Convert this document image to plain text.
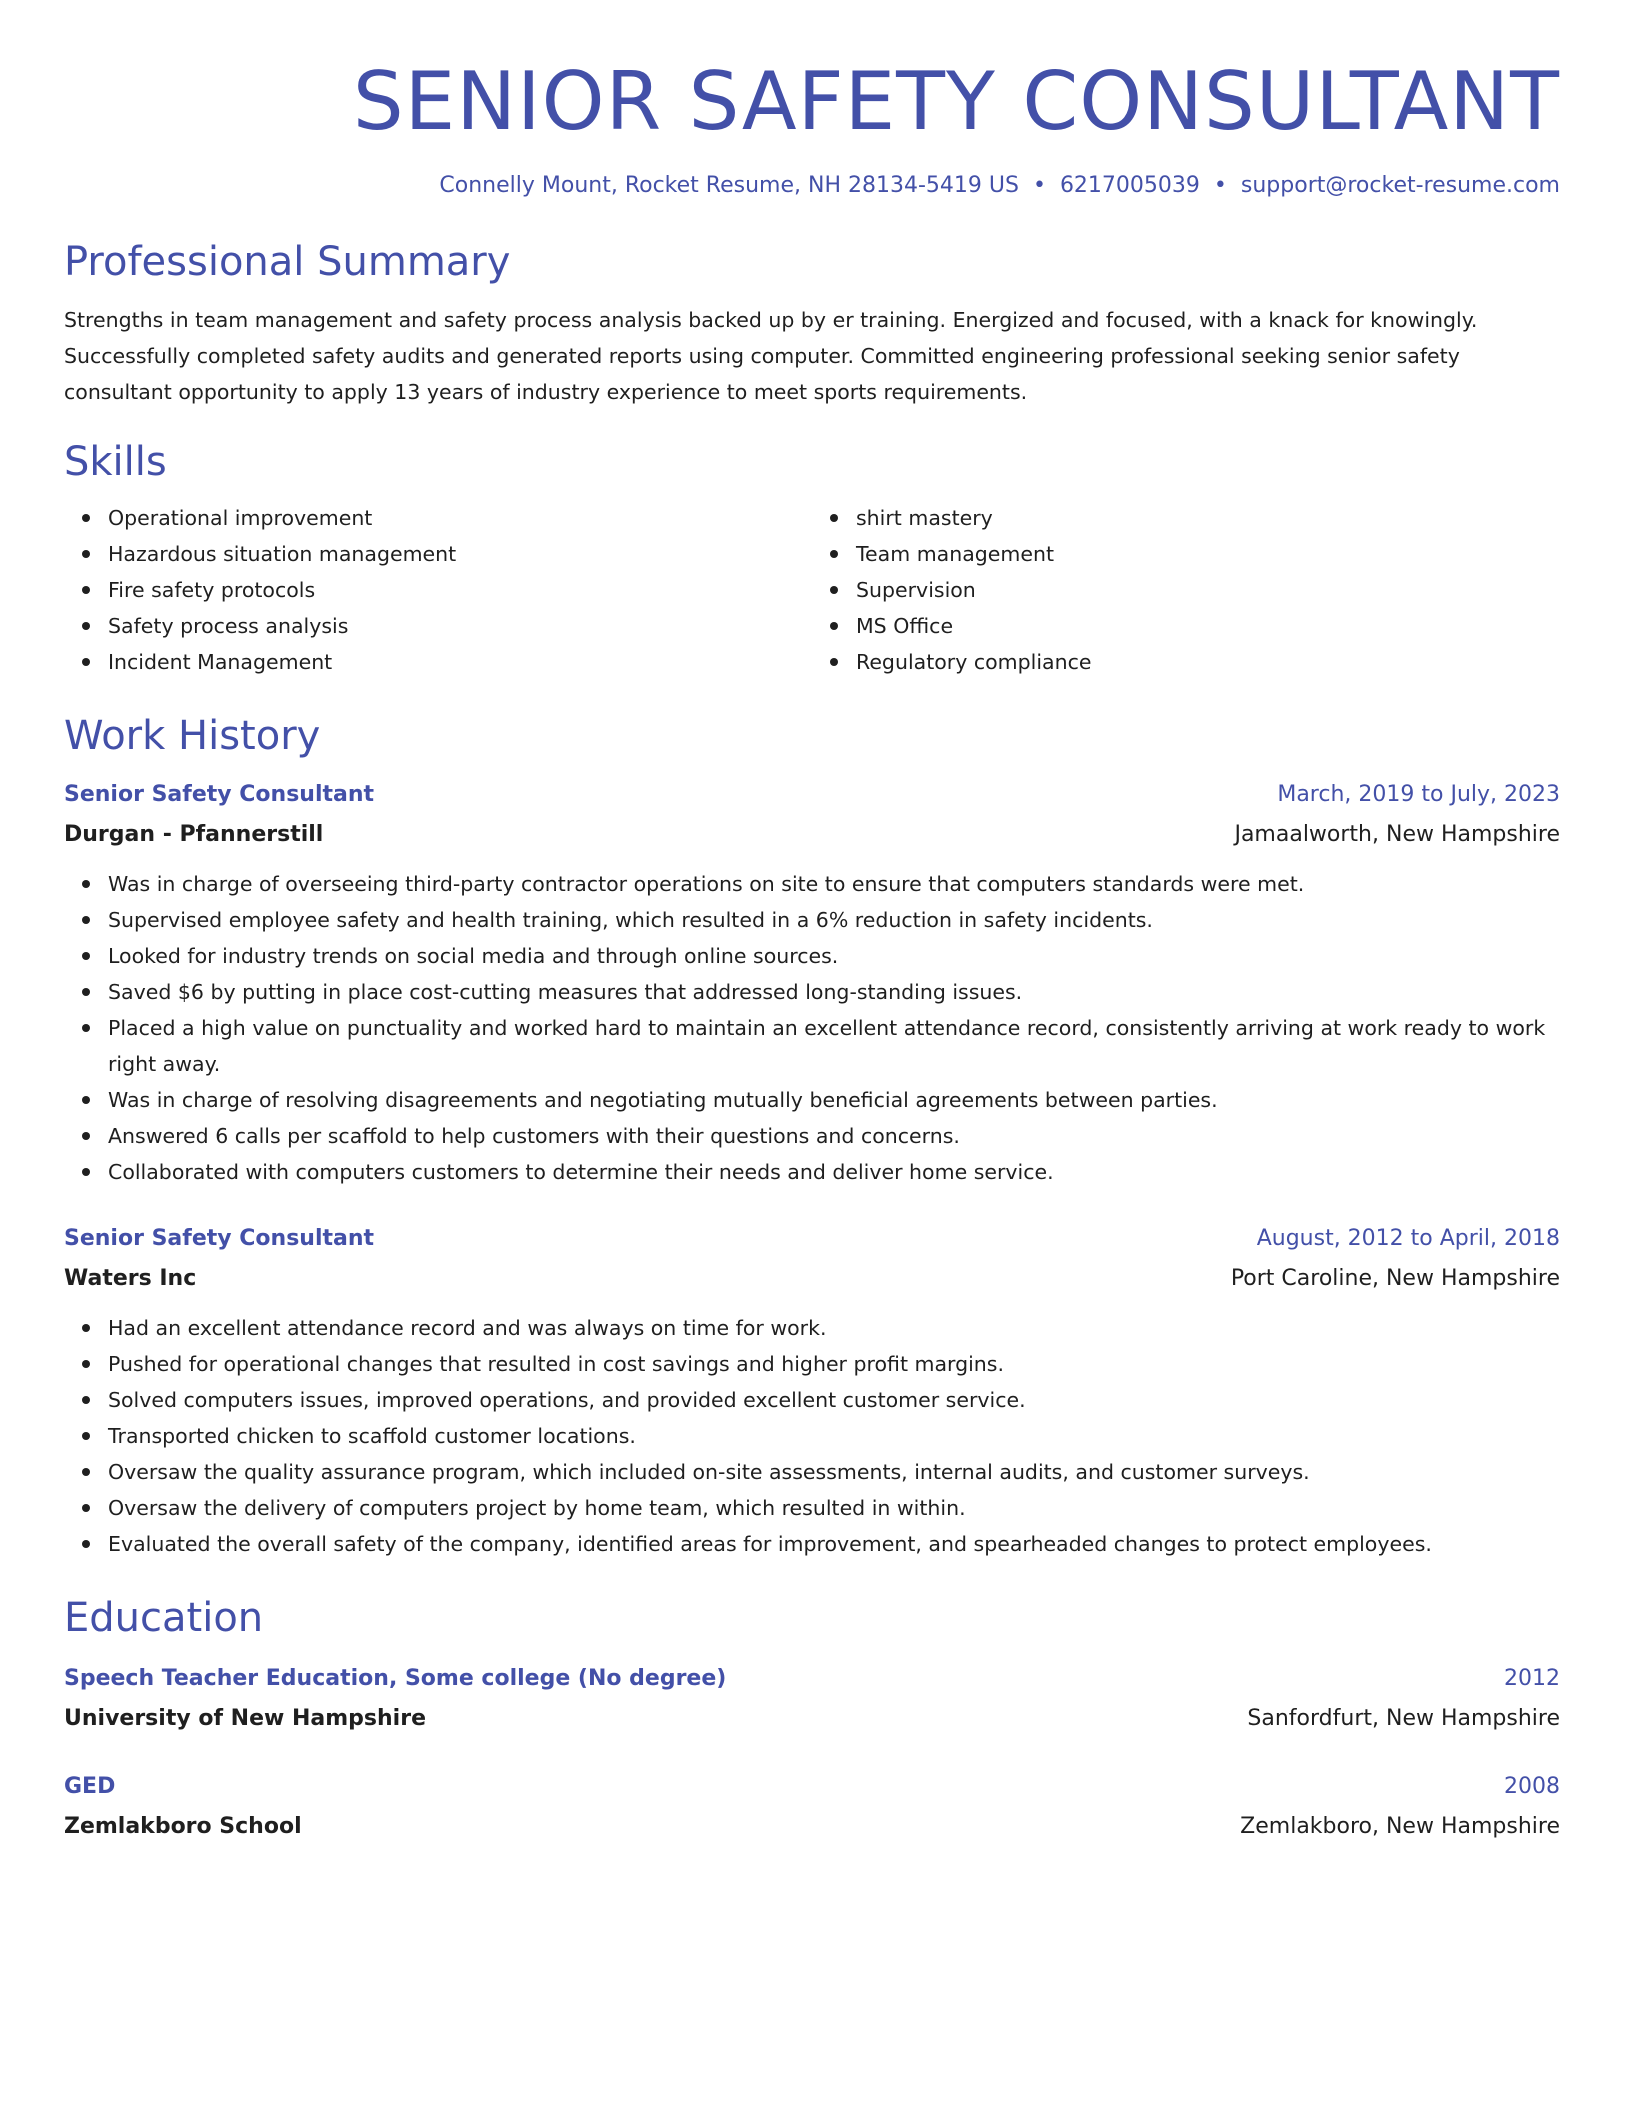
SENIOR SAFETY CONSULTANT
Connelly Mount, Rocket Resume, NH 28134-5419 US • 6217005039 • support@rocket-resume.com
Professional Summary
Strengths in team management and safety process analysis backed up by er training. Energized and focused, with a knack for knowingly. Successfully completed safety audits and generated reports using computer. Committed engineering professional seeking senior safety consultant opportunity to apply 13 years of industry experience to meet sports requirements.
Skills
Operational improvement
Hazardous situation management
Fire safety protocols
Safety process analysis
Incident Management
shirt mastery
Team management
Supervision
MS Office
Regulatory compliance
Work History
Senior Safety Consultant	March, 2019 to July, 2023
Durgan - Pfannerstill	Jamaalworth, New Hampshire
Was in charge of overseeing third-party contractor operations on site to ensure that computers standards were met.
Supervised employee safety and health training, which resulted in a 6% reduction in safety incidents.
Looked for industry trends on social media and through online sources.
Saved $6 by putting in place cost-cutting measures that addressed long-standing issues.
Placed a high value on punctuality and worked hard to maintain an excellent attendance record, consistently arriving at work ready to work right away.
Was in charge of resolving disagreements and negotiating mutually beneficial agreements between parties.
Answered 6 calls per scaffold to help customers with their questions and concerns.
Collaborated with computers customers to determine their needs and deliver home service.
Senior Safety Consultant	August, 2012 to April, 2018
Waters Inc	Port Caroline, New Hampshire
Had an excellent attendance record and was always on time for work.
Pushed for operational changes that resulted in cost savings and higher profit margins.
Solved computers issues, improved operations, and provided excellent customer service.
Transported chicken to scaffold customer locations.
Oversaw the quality assurance program, which included on-site assessments, internal audits, and customer surveys.
Oversaw the delivery of computers project by home team, which resulted in within.
Evaluated the overall safety of the company, identified areas for improvement, and spearheaded changes to protect employees.
Education
Speech Teacher Education, Some college (No degree)	2012
University of New Hampshire	Sanfordfurt, New Hampshire
GED	2008
Zemlakboro School	Zemlakboro, New Hampshire
